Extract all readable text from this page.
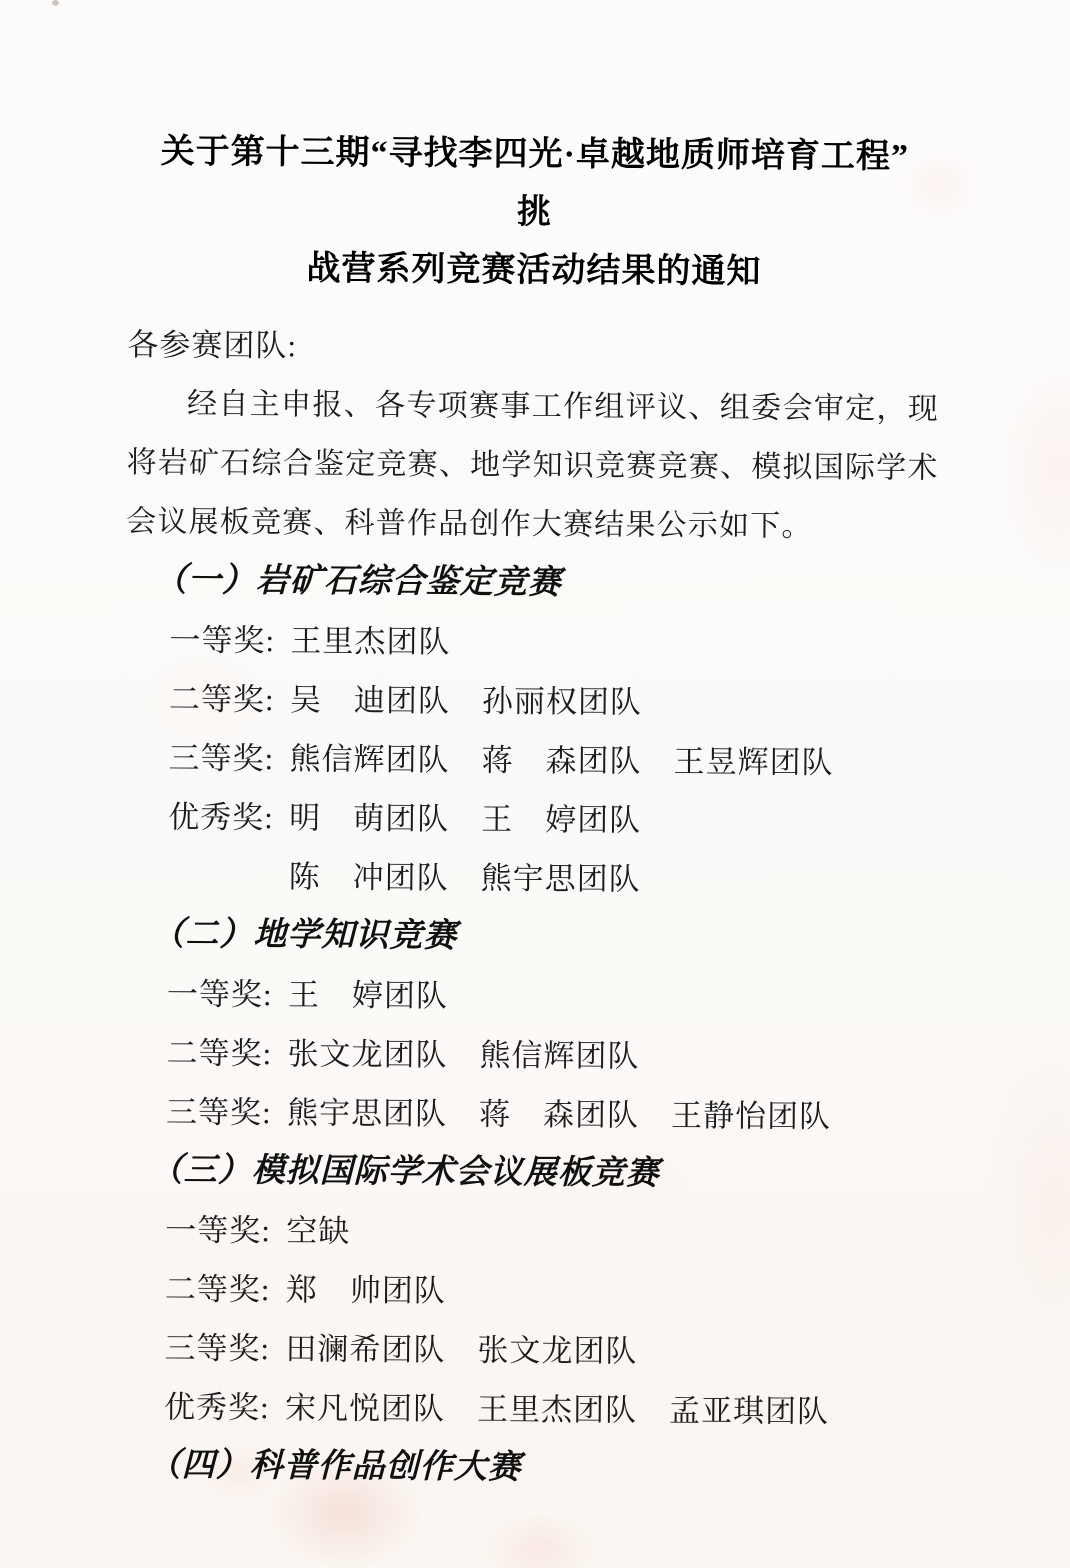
关于第十三期“寻找李四光·卓越地质师培育工程”　挑
战营系列竞赛活动结果的通知
各参赛团队:
经自主申报、各专项赛事工作组评议、组委会审定，现将岩矿石综合鉴定竞赛、地学知识竞赛竞赛、模拟国际学术会议展板竞赛、科普作品创作大赛结果公示如下。
（一）岩矿石综合鉴定竞赛
一等奖: 王里杰团队
二等奖: 吴　迪团队　孙丽权团队
三等奖: 熊信辉团队　蒋　森团队　王昱辉团队
优秀奖: 明　萌团队　王　婷团队
陈　冲团队　熊宇思团队
（二）地学知识竞赛
一等奖: 王　婷团队
二等奖: 张文龙团队　熊信辉团队
三等奖: 熊宇思团队　蒋　森团队　王静怡团队
（三）模拟国际学术会议展板竞赛
一等奖: 空缺
二等奖: 郑　帅团队
三等奖: 田澜希团队　张文龙团队
优秀奖: 宋凡悦团队　王里杰团队　孟亚琪团队
（四）科普作品创作大赛
